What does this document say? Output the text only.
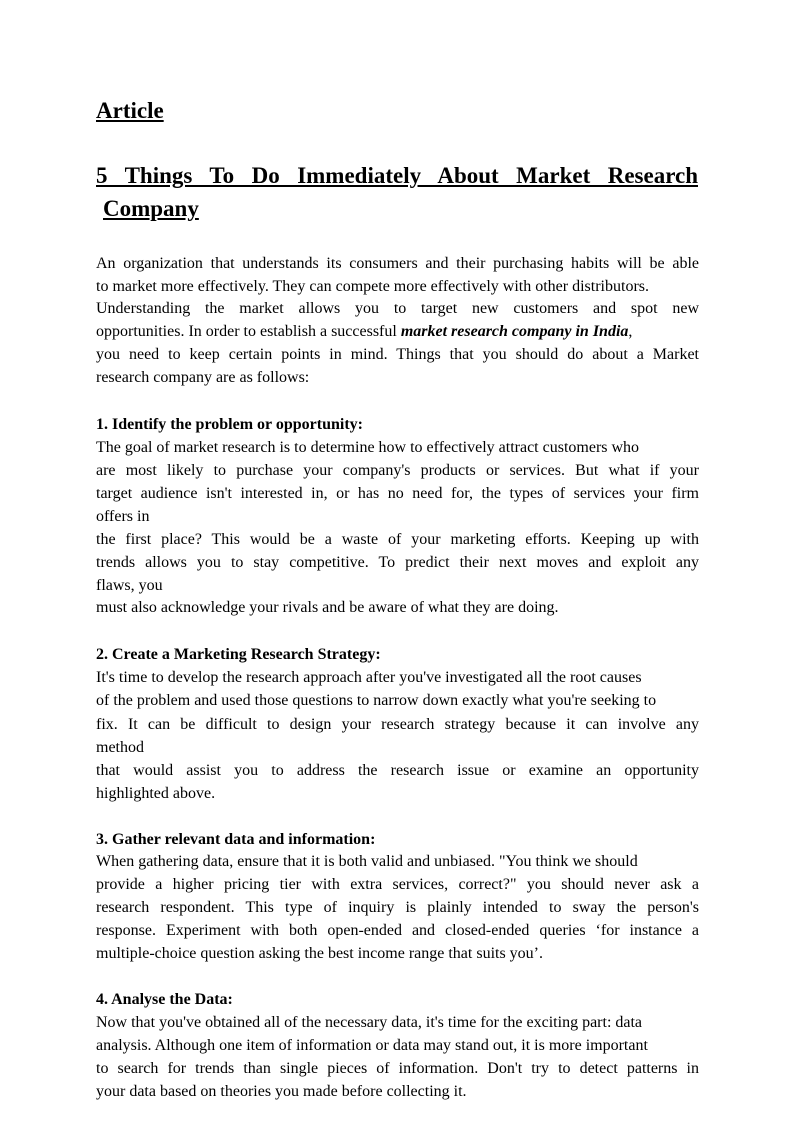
Article
5 Things To Do Immediately About Market Research
Company

An organization that understands its consumers and their purchasing habits will be able

to market more effectively. They can compete more effectively with other distributors.

Understanding the market allows you to target new customers and spot new

opportunities. In order to establish a successful market research company in India,

you need to keep certain points in mind. Things that you should do about a Market

research company are as follows:

1. Identify the problem or opportunity:

The goal of market research is to determine how to effectively attract customers who

are most likely to purchase your company's products or services. But what if your

target audience isn't interested in, or has no need for, the types of services your firm

offers in

the first place? This would be a waste of your marketing efforts. Keeping up with

trends allows you to stay competitive. To predict their next moves and exploit any

flaws, you

must also acknowledge your rivals and be aware of what they are doing.

2. Create a Marketing Research Strategy:

It's time to develop the research approach after you've investigated all the root causes

of the problem and used those questions to narrow down exactly what you're seeking to

fix. It can be difficult to design your research strategy because it can involve any

method

that would assist you to address the research issue or examine an opportunity

highlighted above.

3. Gather relevant data and information:

When gathering data, ensure that it is both valid and unbiased. "You think we should

provide a higher pricing tier with extra services, correct?" you should never ask a

research respondent. This type of inquiry is plainly intended to sway the person's

response. Experiment with both open-ended and closed-ended queries ‘for instance a

multiple-choice question asking the best income range that suits you’.

4. Analyse the Data:

Now that you've obtained all of the necessary data, it's time for the exciting part: data

analysis. Although one item of information or data may stand out, it is more important

to search for trends than single pieces of information. Don't try to detect patterns in

your data based on theories you made before collecting it.
